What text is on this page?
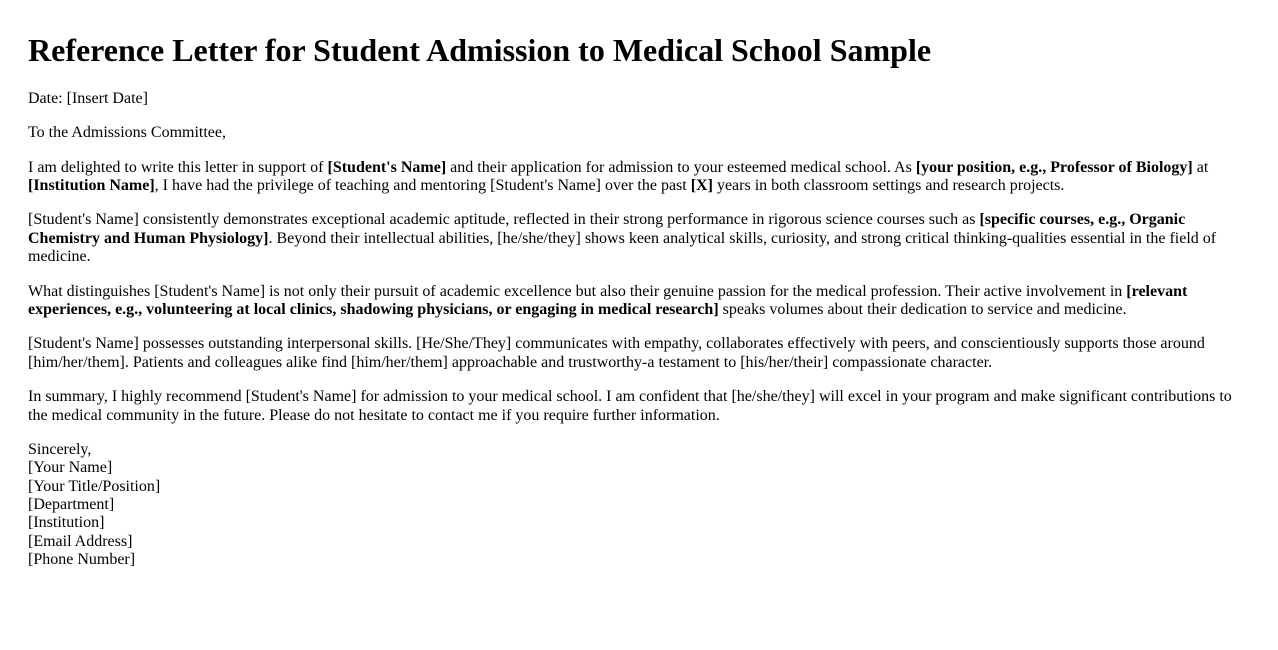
Reference Letter for Student Admission to Medical School Sample

Date: [Insert Date]

To the Admissions Committee,

I am delighted to write this letter in support of [Student's Name] and their application for admission to your esteemed medical school. As [your position, e.g., Professor of Biology] at [Institution Name], I have had the privilege of teaching and mentoring [Student's Name] over the past [X] years in both classroom settings and research projects.

[Student's Name] consistently demonstrates exceptional academic aptitude, reflected in their strong performance in rigorous science courses such as [specific courses, e.g., Organic Chemistry and Human Physiology]. Beyond their intellectual abilities, [he/she/they] shows keen analytical skills, curiosity, and strong critical thinking-qualities essential in the field of medicine.

What distinguishes [Student's Name] is not only their pursuit of academic excellence but also their genuine passion for the medical profession. Their active involvement in [relevant experiences, e.g., volunteering at local clinics, shadowing physicians, or engaging in medical research] speaks volumes about their dedication to service and medicine.

[Student's Name] possesses outstanding interpersonal skills. [He/She/They] communicates with empathy, collaborates effectively with peers, and conscientiously supports those around [him/her/them]. Patients and colleagues alike find [him/her/them] approachable and trustworthy-a testament to [his/her/their] compassionate character.

In summary, I highly recommend [Student's Name] for admission to your medical school. I am confident that [he/she/they] will excel in your program and make significant contributions to the medical community in the future. Please do not hesitate to contact me if you require further information.

Sincerely,
[Your Name]
[Your Title/Position]
[Department]
[Institution]
[Email Address]
[Phone Number]
